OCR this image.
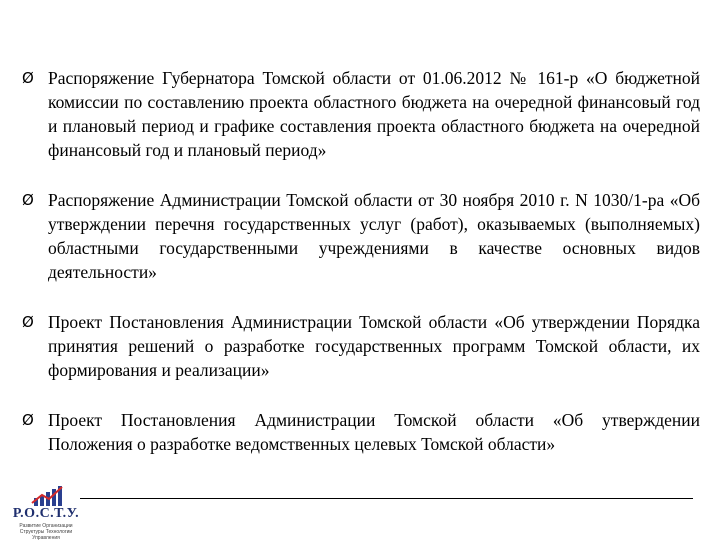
Ø Распоряжение Губернатора Томской области от 01.06.2012 № 161-р «О бюджетной комиссии по составлению проекта областного бюджета на очередной финансовый год и плановый период и графике составления проекта областного бюджета на очередной финансовый год и плановый период»
Ø Распоряжение Администрации Томской области от 30 ноября 2010 г. N 1030/1-ра «Об утверждении перечня государственных услуг (работ), оказываемых (выполняемых) областными государственными учреждениями в качестве основных видов деятельности»
Ø Проект Постановления Администрации Томской области «Об утверждении Порядка принятия решений о разработке государственных программ Томской области, их формирования и реализации»
Ø Проект Постановления Администрации Томской области «Об утверждении Положения о разработке ведомственных целевых Томской области»
Р.О.С.Т.У.
Развитие Организации Структуры Технологии Управления
